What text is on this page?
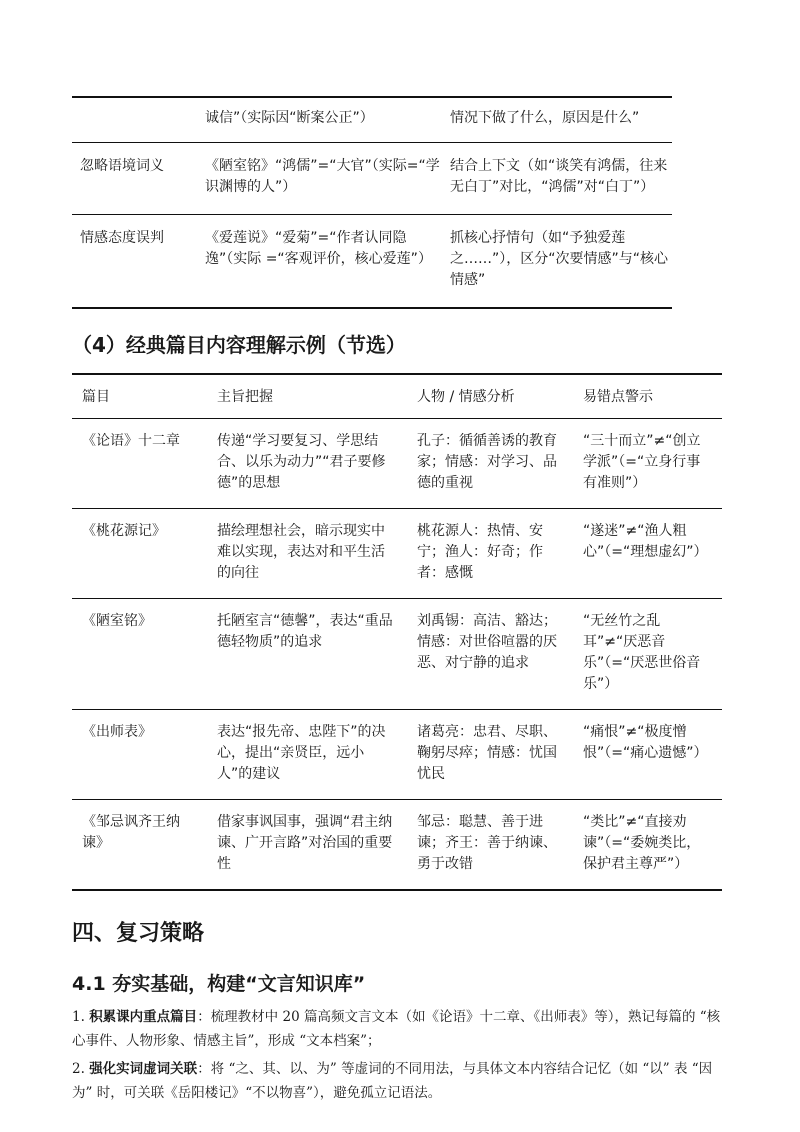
	诚信”（实际因“断案公正”）	情况下做了什么，原因是什么”
忽略语境词义	《陋室铭》“鸿儒”=“大官”（实际=“学识渊博的人”）	结合上下文（如“谈笑有鸿儒，往来无白丁”对比，“鸿儒”对“白丁”）
情感态度误判	《爱莲说》“爱菊”=“作者认同隐逸”（实际 =“客观评价，核心爱莲”）	抓核心抒情句（如“予独爱莲之……”），区分“次要情感”与“核心情感”
（4）经典篇目内容理解示例（节选）
篇目	主旨把握	人物 / 情感分析	易错点警示
《论语》十二章	传递“学习要复习、学思结合、以乐为动力”“君子要修德”的思想	孔子：循循善诱的教育家；情感：对学习、品德的重视	“三十而立”≠“创立学派”（=“立身行事有准则”）
《桃花源记》	描绘理想社会，暗示现实中难以实现，表达对和平生活的向往	桃花源人：热情、安宁；渔人：好奇；作者：感慨	“遂迷”≠“渔人粗心”（=“理想虚幻”）
《陋室铭》	托陋室言“德馨”，表达“重品德轻物质”的追求	刘禹锡：高洁、豁达；情感：对世俗喧嚣的厌恶、对宁静的追求	“无丝竹之乱耳”≠“厌恶音乐”（=“厌恶世俗音乐”）
《出师表》	表达“报先帝、忠陛下”的决心，提出“亲贤臣，远小人”的建议	诸葛亮：忠君、尽职、鞠躬尽瘁；情感：忧国忧民	“痛恨”≠“极度憎恨”（=“痛心遗憾”）
《邹忌讽齐王纳谏》	借家事讽国事，强调“君主纳谏、广开言路”对治国的重要性	邹忌：聪慧、善于进谏；齐王：善于纳谏、勇于改错	“类比”≠“直接劝谏”（=“委婉类比，保护君主尊严”）
四、复习策略
4.1 夯实基础，构建“文言知识库”

1. 积累课内重点篇目：梳理教材中 20 篇高频文言文本（如《论语》十二章、《出师表》等），熟记每篇的 “核心事件、人物形象、情感主旨”，形成 “文本档案”；

2. 强化实词虚词关联：将 “之、其、以、为” 等虚词的不同用法，与具体文本内容结合记忆（如 “以” 表 “因为” 时，可关联《岳阳楼记》“不以物喜”），避免孤立记语法。
